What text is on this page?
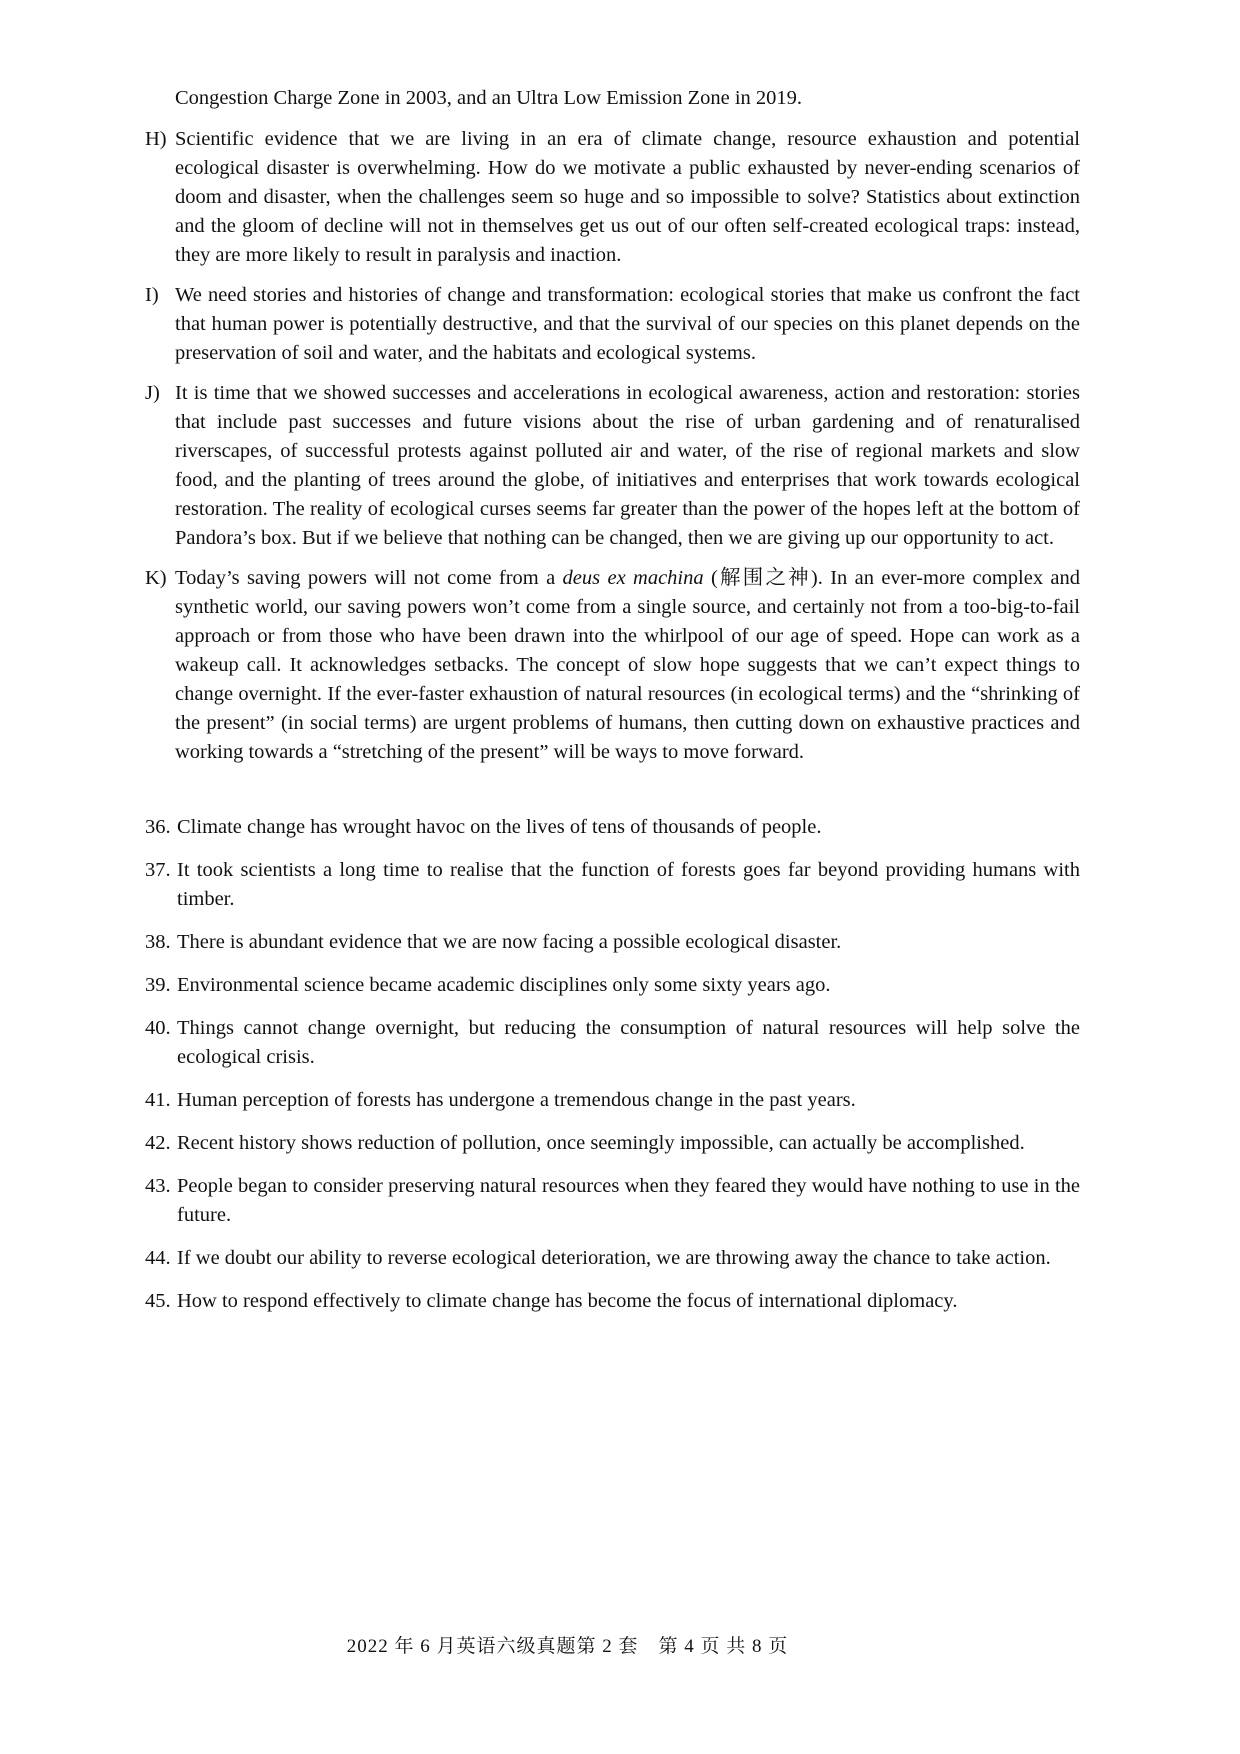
Congestion Charge Zone in 2003, and an Ultra Low Emission Zone in 2019.
H) Scientific evidence that we are living in an era of climate change, resource exhaustion and potential ecological disaster is overwhelming. How do we motivate a public exhausted by never-ending scenarios of doom and disaster, when the challenges seem so huge and so impossible to solve? Statistics about extinction and the gloom of decline will not in themselves get us out of our often self-created ecological traps: instead, they are more likely to result in paralysis and inaction.
I) We need stories and histories of change and transformation: ecological stories that make us confront the fact that human power is potentially destructive, and that the survival of our species on this planet depends on the preservation of soil and water, and the habitats and ecological systems.
J) It is time that we showed successes and accelerations in ecological awareness, action and restoration: stories that include past successes and future visions about the rise of urban gardening and of renaturalised riverscapes, of successful protests against polluted air and water, of the rise of regional markets and slow food, and the planting of trees around the globe, of initiatives and enterprises that work towards ecological restoration. The reality of ecological curses seems far greater than the power of the hopes left at the bottom of Pandora’s box. But if we believe that nothing can be changed, then we are giving up our opportunity to act.
K) Today’s saving powers will not come from a deus ex machina (解围之神). In an ever-more complex and synthetic world, our saving powers won’t come from a single source, and certainly not from a too-big-to-fail approach or from those who have been drawn into the whirlpool of our age of speed. Hope can work as a wakeup call. It acknowledges setbacks. The concept of slow hope suggests that we can’t expect things to change overnight. If the ever-faster exhaustion of natural resources (in ecological terms) and the “shrinking of the present” (in social terms) are urgent problems of humans, then cutting down on exhaustive practices and working towards a “stretching of the present” will be ways to move forward.
36. Climate change has wrought havoc on the lives of tens of thousands of people.
37. It took scientists a long time to realise that the function of forests goes far beyond providing humans with timber.
38. There is abundant evidence that we are now facing a possible ecological disaster.
39. Environmental science became academic disciplines only some sixty years ago.
40. Things cannot change overnight, but reducing the consumption of natural resources will help solve the ecological crisis.
41. Human perception of forests has undergone a tremendous change in the past years.
42. Recent history shows reduction of pollution, once seemingly impossible, can actually be accomplished.
43. People began to consider preserving natural resources when they feared they would have nothing to use in the future.
44. If we doubt our ability to reverse ecological deterioration, we are throwing away the chance to take action.
45. How to respond effectively to climate change has become the focus of international diplomacy.
2022 年 6 月英语六级真题第 2 套　第 4 页 共 8 页
